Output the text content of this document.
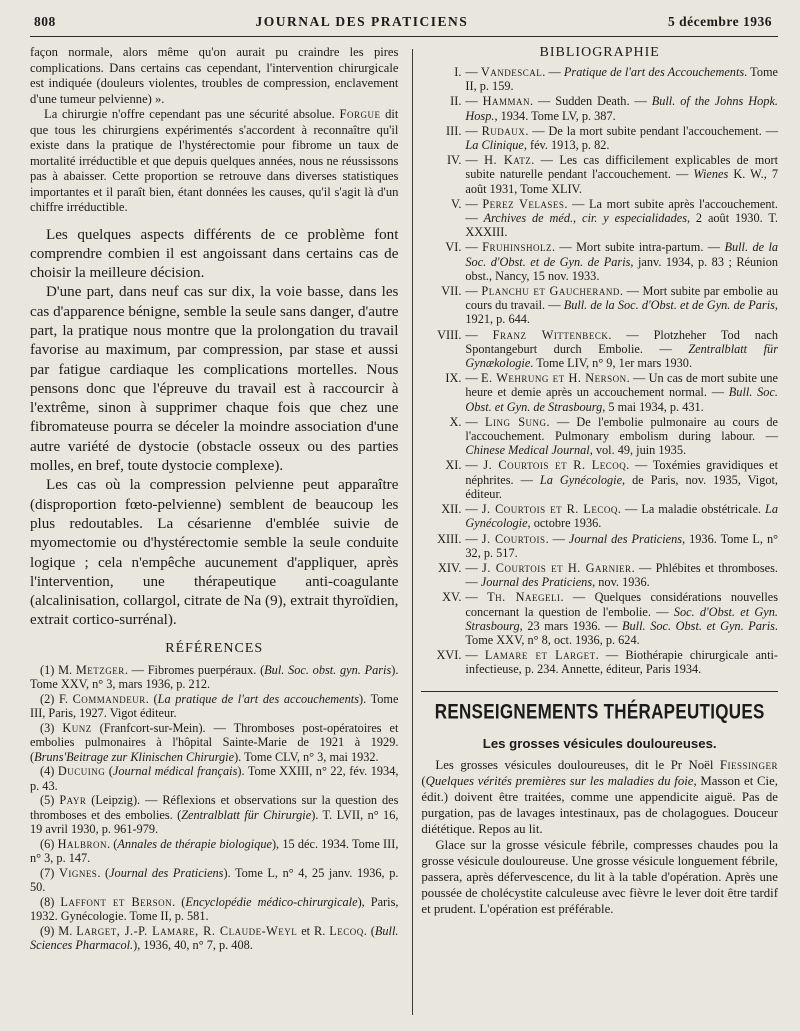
808	JOURNAL DES PRATICIENS	5 décembre 1936

façon normale, alors même qu'on aurait pu craindre les pires complications. Dans certains cas cependant, l'intervention chirurgicale est indiquée (douleurs violentes, troubles de compression, enclavement d'une tumeur pelvienne) ».

La chirurgie n'offre cependant pas une sécurité absolue. Forgue dit que tous les chirurgiens expérimentés s'accordent à reconnaître qu'il existe dans la pratique de l'hystérectomie pour fibrome un taux de mortalité irréductible et que depuis quelques années, nous ne réussissons pas à abaisser. Cette proportion se retrouve dans diverses statistiques importantes et il paraît bien, étant données les causes, qu'il s'agit là d'un chiffre irréductible.

Les quelques aspects différents de ce problème font comprendre combien il est angoissant dans certains cas de choisir la meilleure décision.

D'une part, dans neuf cas sur dix, la voie basse, dans les cas d'apparence bénigne, semble la seule sans danger, d'autre part, la pratique nous montre que la prolongation du travail favorise au maximum, par compression, par stase et aussi par fatigue cardiaque les complications mortelles. Nous pensons donc que l'épreuve du travail est à raccourcir à l'extrême, sinon à supprimer chaque fois que chez une fibromateuse pourra se déceler la moindre association d'une autre variété de dystocie (obstacle osseux ou des parties molles, en bref, toute dystocie complexe).

Les cas où la compression pelvienne peut apparaître (disproportion fœto-pelvienne) semblent de beaucoup les plus redoutables. La césarienne d'emblée suivie de myomectomie ou d'hystérectomie semble la seule conduite logique ; cela n'empêche aucunement d'appliquer, après l'intervention, une thérapeutique anti-coagulante (alcalinisation, collargol, citrate de Na (9), extrait thyroïdien, extrait cortico-surrénal).

RÉFÉRENCES

(1) M. Metzger. — Fibromes puerpéraux. (Bul. Soc. obst. gyn. Paris). Tome XXV, n° 3, mars 1936, p. 212.

(2) F. Commandeur. (La pratique de l'art des accouchements). Tome III, Paris, 1927. Vigot éditeur.

(3) Kunz (Franfcort-sur-Mein). — Thromboses post-opératoires et embolies pulmonaires à l'hôpital Sainte-Marie de 1921 à 1929. (Bruns'Beitrage zur Klinischen Chirurgie). Tome CLV, n° 3, mai 1932.

(4) Ducuing (Journal médical français). Tome XXIII, n° 22, fév. 1934, p. 43.

(5) Payr (Leipzig). — Réflexions et observations sur la question des thromboses et des embolies. (Zentralblatt für Chirurgie). T. LVII, n° 16, 19 avril 1930, p. 961-979.

(6) Halbron. (Annales de thérapie biologique), 15 déc. 1934. Tome III, n° 3, p. 147.

(7) Vignes. (Journal des Praticiens). Tome L, n° 4, 25 janv. 1936, p. 50.

(8) Laffont et Berson. (Encyclopédie médico-chirurgicale), Paris, 1932. Gynécologie. Tome II, p. 581.

(9) M. Larget, J.-P. Lamare, R. Claude-Weyl et R. Lecoq. (Bull. Sciences Pharmacol.), 1936, 40, n° 7, p. 408.

BIBLIOGRAPHIE
I. — Vandescal. — Pratique de l'art des Accouchements. Tome II, p. 159.
II. — Hamman. — Sudden Death. — Bull. of the Johns Hopk. Hosp., 1934. Tome LV, p. 387.
III. — Rudaux. — De la mort subite pendant l'accouchement. — La Clinique, fév. 1913, p. 82.
IV. — H. Katz. — Les cas difficilement explicables de mort subite naturelle pendant l'accouchement. — Wienes K. W., 7 août 1931, Tome XLIV.
V. — Perez Velases. — La mort subite après l'accouchement. — Archives de méd., cir. y especialidades, 2 août 1930. T. XXXIII.
VI. — Fruhinsholz. — Mort subite intra-partum. — Bull. de la Soc. d'Obst. et de Gyn. de Paris, janv. 1934, p. 83 ; Réunion obst., Nancy, 15 nov. 1933.
VII. — Planchu et Gaucherand. — Mort subite par embolie au cours du travail. — Bull. de la Soc. d'Obst. et de Gyn. de Paris, 1921, p. 644.
VIII. — Franz Wittenbeck. — Plotzheher Tod nach Spontangeburt durch Embolie. — Zentralblatt für Gynækologie. Tome LIV, n° 9, 1er mars 1930.
IX. — E. Wehrung et H. Nerson. — Un cas de mort subite une heure et demie après un accouchement normal. — Bull. Soc. Obst. et Gyn. de Strasbourg, 5 mai 1934, p. 431.
X. — Ling Sung. — De l'embolie pulmonaire au cours de l'accouchement. Pulmonary embolism during labour. — Chinese Medical Journal, vol. 49, juin 1935.
XI. — J. Courtois et R. Lecoq. — Toxémies gravidiques et néphrites. — La Gynécologie, de Paris, nov. 1935, Vigot, éditeur.
XII. — J. Courtois et R. Lecoq. — La maladie obstétricale. La Gynécologie, octobre 1936.
XIII. — J. Courtois. — Journal des Praticiens, 1936. Tome L, n° 32, p. 517.
XIV. — J. Courtois et H. Garnier. — Phlébites et thromboses. — Journal des Praticiens, nov. 1936.
XV. — Th. Naegeli. — Quelques considérations nouvelles concernant la question de l'embolie. — Soc. d'Obst. et Gyn. Strasbourg, 23 mars 1936. — Bull. Soc. Obst. et Gyn. Paris. Tome XXV, n° 8, oct. 1936, p. 624.
XVI. — Lamare et Larget. — Biothérapie chirurgicale anti-infectieuse, p. 234. Annette, éditeur, Paris 1934.
RENSEIGNEMENTS THÉRAPEUTIQUES
Les grosses vésicules douloureuses.

Les grosses vésicules douloureuses, dit le Pr Noël Fiessinger (Quelques vérités premières sur les maladies du foie, Masson et Cie, édit.) doivent être traitées, comme une appendicite aiguë. Pas de purgation, pas de lavages intestinaux, pas de cholagogues. Douceur diététique. Repos au lit.

Glace sur la grosse vésicule fébrile, compresses chaudes pou la grosse vésicule douloureuse. Une grosse vésicule longuement fébrile, passera, après défervescence, du lit à la table d'opération. Après une poussée de cholécystite calculeuse avec fièvre le lever doit être tardif et prudent. L'opération est préférable.
